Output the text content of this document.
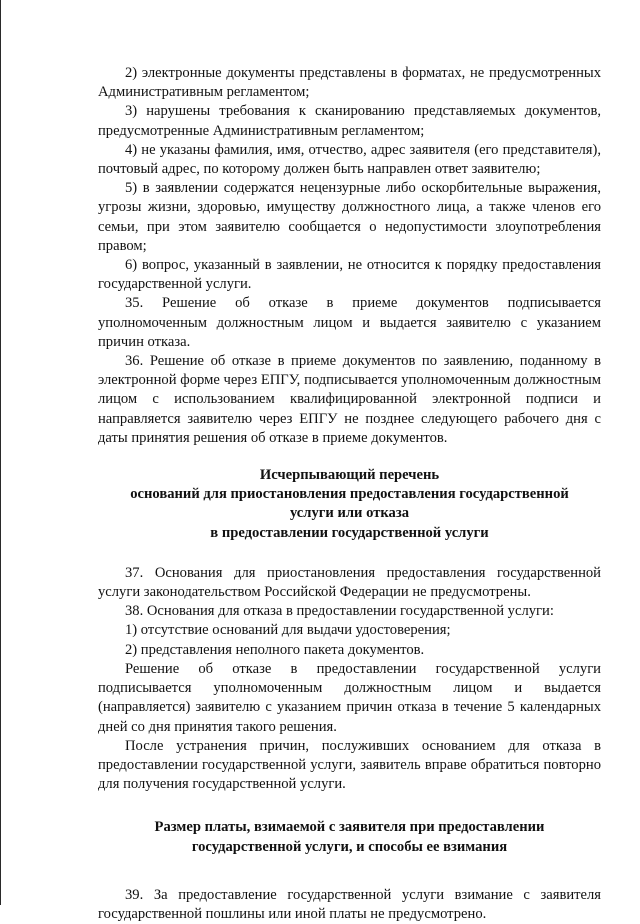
2) электронные документы представлены в форматах, не предусмотренных Административным регламентом;

3) нарушены требования к сканированию представляемых документов, предусмотренные Административным регламентом;

4) не указаны фамилия, имя, отчество, адрес заявителя (его представителя), почтовый адрес, по которому должен быть направлен ответ заявителю;

5) в заявлении содержатся нецензурные либо оскорбительные выражения, угрозы жизни, здоровью, имуществу должностного лица, а также членов его семьи, при этом заявителю сообщается о недопустимости злоупотребления правом;

6) вопрос, указанный в заявлении, не относится к порядку предоставления государственной услуги.

35. Решение об отказе в приеме документов подписывается уполномоченным должностным лицом и выдается заявителю с указанием причин отказа.

36. Решение об отказе в приеме документов по заявлению, поданному в электронной форме через ЕПГУ, подписывается уполномоченным должностным лицом с использованием квалифицированной электронной подписи и направляется заявителю через ЕПГУ не позднее следующего рабочего дня с даты принятия решения об отказе в приеме документов.

Исчерпывающий перечень
оснований для приостановления предоставления государственной
услуги или отказа
в предоставлении государственной услуги

37. Основания для приостановления предоставления государственной услуги законодательством Российской Федерации не предусмотрены.

38. Основания для отказа в предоставлении государственной услуги:

1) отсутствие оснований для выдачи удостоверения;

2) представления неполного пакета документов.

Решение об отказе в предоставлении государственной услуги подписывается уполномоченным должностным лицом и выдается (направляется) заявителю с указанием причин отказа в течение 5 календарных дней со дня принятия такого решения.

После устранения причин, послуживших основанием для отказа в предоставлении государственной услуги, заявитель вправе обратиться повторно для получения государственной услуги.

Размер платы, взимаемой с заявителя при предоставлении
государственной услуги, и способы ее взимания

39. За предоставление государственной услуги взимание с заявителя государственной пошлины или иной платы не предусмотрено.
